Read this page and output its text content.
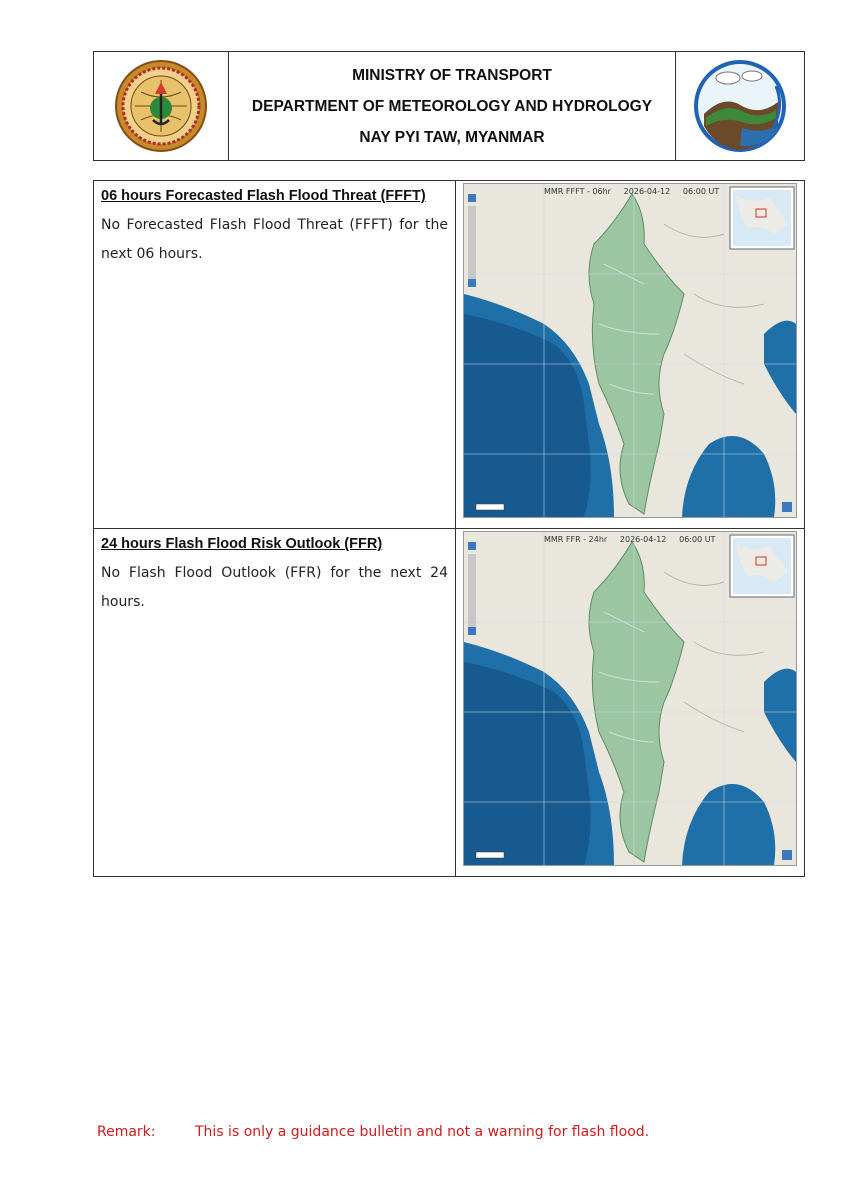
MINISTRY OF TRANSPORT
DEPARTMENT OF METEOROLOGY AND HYDROLOGY
NAY PYI TAW, MYANMAR
06 hours Forecasted Flash Flood Threat (FFFT)

No Forecasted Flash Flood Threat (FFFT) for the next 06 hours.

MMR FFFT - 06hr     2026-04-12     06:00 UT
24 hours Flash Flood Risk Outlook (FFR)

No Flash Flood Outlook (FFR) for the next 24 hours.

MMR FFR - 24hr     2026-04-12     06:00 UT
Remark:	This is only a guidance bulletin and not a warning for flash flood.
